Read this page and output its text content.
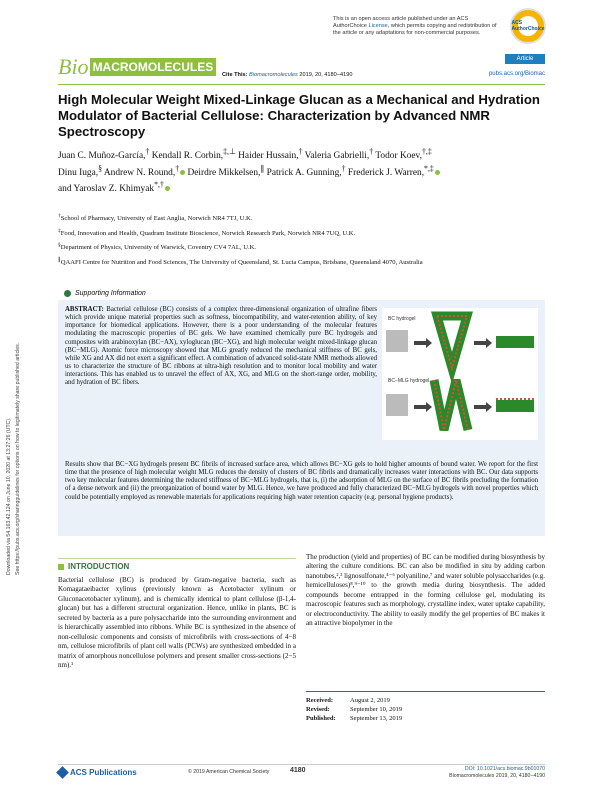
Downloaded via 54.163.42.124 on June 10, 2020 at 13:27:26 (UTC). See https://pubs.acs.org/sharingguidelines for options on how to legitimately share published articles.
This is an open access article published under an ACS AuthorChoice License, which permits copying and redistribution of the article or any adaptations for non-commercial purposes.
ACS AuthorChoice
Article
Bio MACROMOLECULES
Cite This: Biomacromolecules 2019, 20, 4180−4190	pubs.acs.org/Biomac
High Molecular Weight Mixed-Linkage Glucan as a Mechanical and Hydration Modulator of Bacterial Cellulose: Characterization by Advanced NMR Spectroscopy
Juan C. Muñoz-García,† Kendall R. Corbin,‡,⊥ Haider Hussain,† Valeria Gabrielli,† Todor Koev,†,‡
Dinu Iuga,§ Andrew N. Round,† Deirdre Mikkelsen,∥ Patrick A. Gunning,† Frederick J. Warren,*,‡
and Yaroslav Z. Khimyak*,†

†School of Pharmacy, University of East Anglia, Norwich NR4 7TJ, U.K.

‡Food, Innovation and Health, Quadram Institute Bioscience, Norwich Research Park, Norwich NR4 7UQ, U.K.

§Department of Physics, University of Warwick, Coventry CV4 7AL, U.K.

∥QAAFI Centre for Nutrition and Food Sciences, The University of Queensland, St. Lucia Campus, Brisbane, Queensland 4070, Australia

Supporting Information
ABSTRACT: Bacterial cellulose (BC) consists of a complex three-dimensional organization of ultrafine fibers which provide unique material properties such as softness, biocompatibility, and water-retention ability, of key importance for biomedical applications. However, there is a poor understanding of the molecular features modulating the macroscopic properties of BC gels. We have examined chemically pure BC hydrogels and composites with arabinoxylan (BC−AX), xyloglucan (BC−XG), and high molecular weight mixed-linkage glucan (BC−MLG). Atomic force microscopy showed that MLG greatly reduced the mechanical stiffness of BC gels, while XG and AX did not exert a significant effect. A combination of advanced solid-state NMR methods allowed us to characterize the structure of BC ribbons at ultra-high resolution and to monitor local mobility and water interactions. This has enabled us to unravel the effect of AX, XG, and MLG on the short-range order, mobility, and hydration of BC fibers.
Results show that BC−XG hydrogels present BC fibrils of increased surface area, which allows BC−XG gels to hold higher amounts of bound water. We report for the first time that the presence of high molecular weight MLG reduces the density of clusters of BC fibrils and dramatically increases water interactions with BC. Our data supports two key molecular features determining the reduced stiffness of BC−MLG hydrogels, that is, (i) the adsorption of MLG on the surface of BC fibrils precluding the formation of a dense network and (ii) the preorganization of bound water by MLG. Hence, we have produced and fully characterized BC−MLG hydrogels with novel properties which could be potentially employed as renewable materials for applications requiring high water retention capacity (e.g. personal hygiene products).
BC hydrogel
BC−MLG hydrogel
INTRODUCTION
Bacterial cellulose (BC) is produced by Gram-negative bacteria, such as Komagataeibacter xylinus (previously known as Acetobacter xylinum or Gluconacetobacter xylinum), and is chemically identical to plant cellulose (β-1,4-glucan) but has a different structural organization. Hence, unlike in plants, BC is secreted by bacteria as a pure polysaccharide into the surrounding environment and is hierarchically assembled into ribbons. While BC is synthesized in the absence of non-cellulosic components and consists of microfibrils with cross-sections of 4−8 nm, cellulose microfibrils of plant cell walls (PCWs) are synthesized embedded in a matrix of amorphous noncellulose polymers and present smaller cross-sections (2−5 nm).¹
The production (yield and properties) of BC can be modified during biosynthesis by altering the culture conditions. BC can also be modified in situ by adding carbon nanotubes,²,³ lignosulfonate,⁴⁻⁶ polyaniline,⁷ and water soluble polysaccharides (e.g. hemicelluloses)⁸,⁹⁻¹⁰ to the growth media during biosynthesis. The added compounds become entrapped in the forming cellulose gel, modulating its macroscopic features such as morphology, crystalline index, water uptake capability, or electroconductivity. The ability to easily modify the gel properties of BC makes it an attractive biopolymer in the
Received:	August 2, 2019
Revised:	September 10, 2019
Published: September 13, 2019
ACS Publications	© 2019 American Chemical Society	4180	DOI: 10.1021/acs.biomac.9b01070
Biomacromolecules 2019, 20, 4180−4190
